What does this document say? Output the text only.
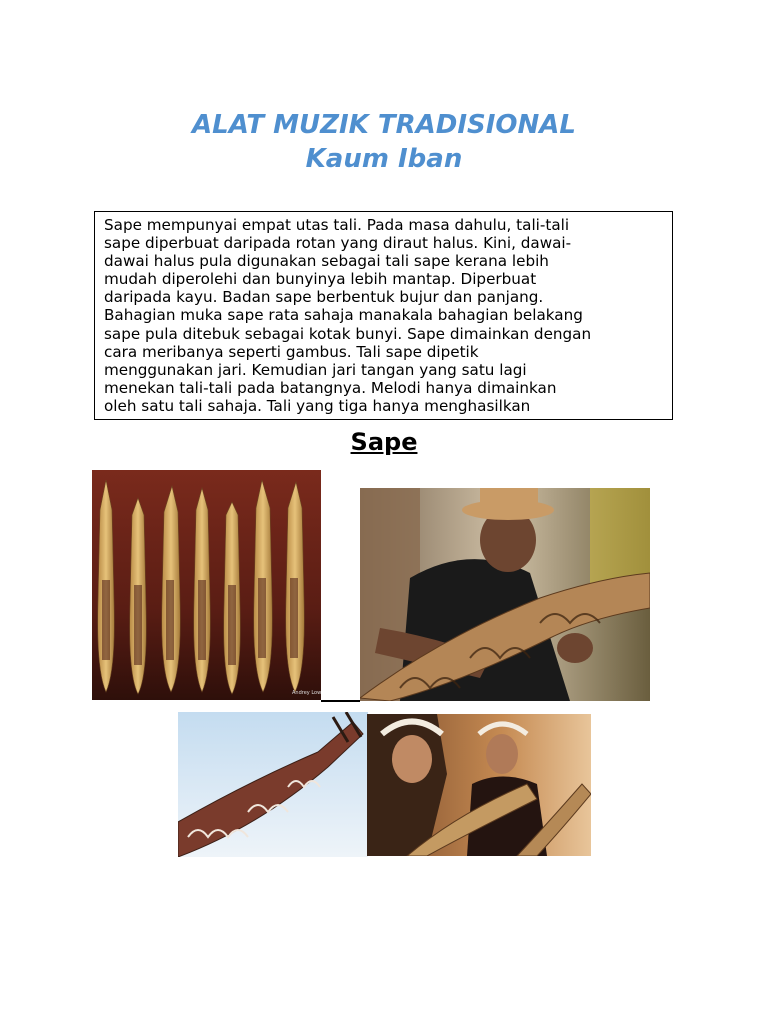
ALAT MUZIK TRADISIONAL
Kaum Iban
Sape mempunyai empat utas tali. Pada masa dahulu, tali-tali
sape diperbuat daripada rotan yang diraut halus. Kini, dawai-
dawai halus pula digunakan sebagai tali sape kerana lebih
mudah diperolehi dan bunyinya lebih mantap. Diperbuat
daripada kayu. Badan sape berbentuk bujur dan panjang.
Bahagian muka sape rata sahaja manakala bahagian belakang
sape pula ditebuk sebagai kotak bunyi. Sape dimainkan dengan
cara meribanya seperti gambus. Tali sape dipetik
menggunakan jari. Kemudian jari tangan yang satu lagi
menekan tali-tali pada batangnya. Melodi hanya dimainkan
oleh satu tali sahaja. Tali yang tiga hanya menghasilkan
Sape
Andrey Low
